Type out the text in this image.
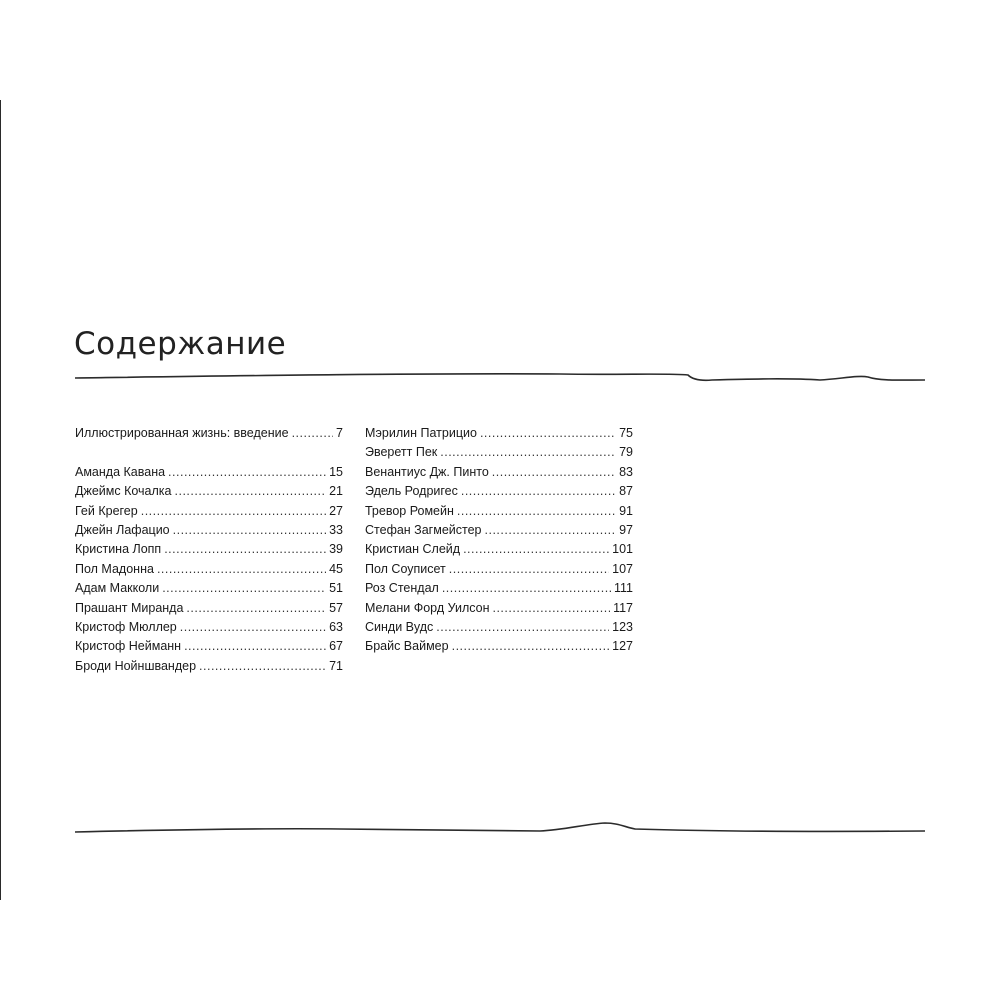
Содержание
Иллюстрированная жизнь: введение .....	7
Аманда Кавана .....	15
Джеймс Кочалка .....	21
Гей Крегер .....	27
Джейн Лафацио .....	33
Кристина Лопп .....	39
Пол Мадонна .....	45
Адам Макколи .....	51
Прашант Миранда .....	57
Кристоф Мюллер .....	63
Кристоф Нейманн .....	67
Броди Нойншвандер .....	71
Мэрилин Патрицио .....	75
Эверетт Пек .....	79
Венантиус Дж. Пинто .....	83
Эдель Родригес .....	87
Тревор Ромейн .....	91
Стефан Загмейстер .....	97
Кристиан Слейд .....	101
Пол Соуписет .....	107
Роз Стендал .....	111
Мелани Форд Уилсон .....	117
Синди Вудс .....	123
Брайс Ваймер .....	127
